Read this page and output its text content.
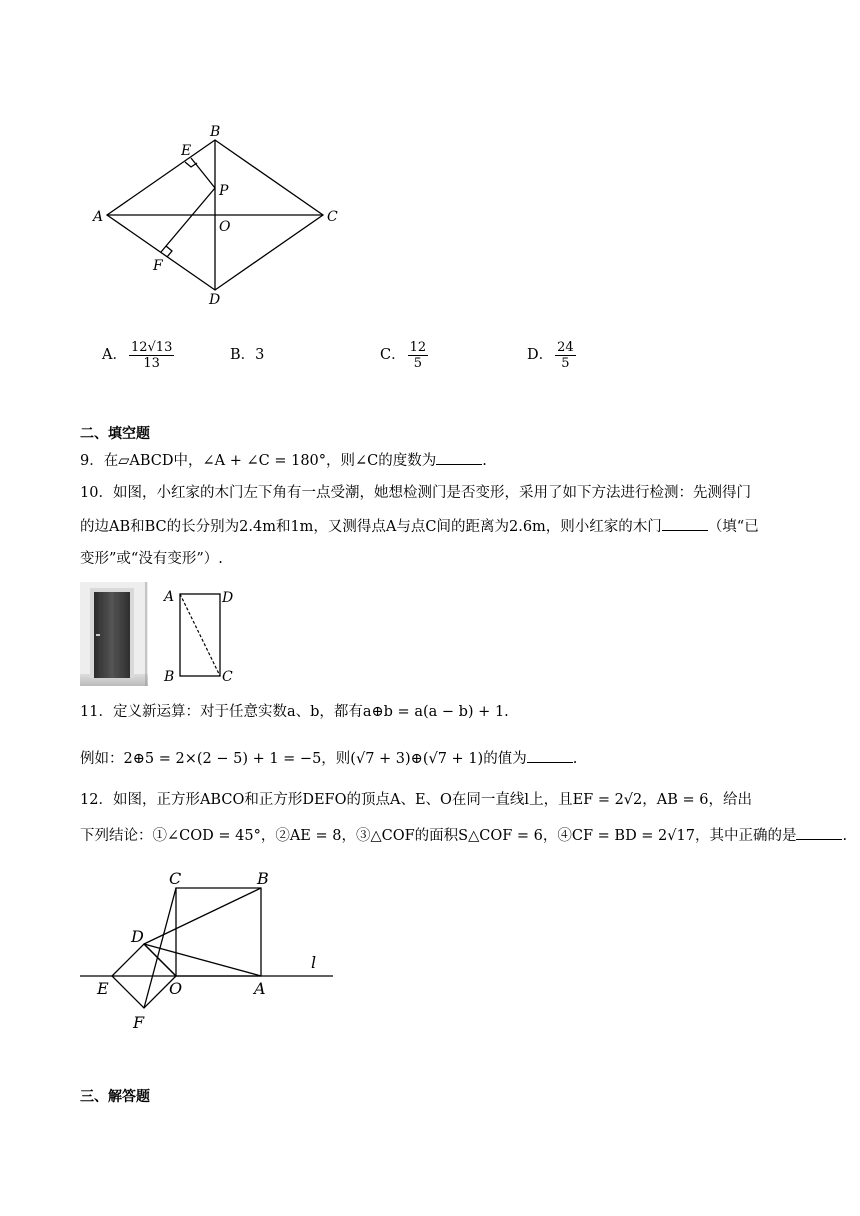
B
E
P
A
O
C
F
D
A． $\frac{12√13}{13}$	B．3	C． $\frac{12}{5}$	D． $\frac{24}{5}$
二、填空题
9．在▱ABCD中，∠A + ∠C = 180°，则∠C的度数为	.
10．如图，小红家的木门左下角有一点受潮，她想检测门是否变形，采用了如下方法进行检测：先测得门
的边AB和BC的长分别为2.4m和1m，又测得点A与点C间的距离为2.6m，则小红家的木门	（填“已
变形”或“没有变形”）.
A	D
B	C
11．定义新运算：对于任意实数a、b，都有a⊕b = a(a − b) + 1.
例如：2⊕5 = 2×(2 − 5) + 1 = −5，则(√7 + 3)⊕(√7 + 1)的值为	.
12．如图，正方形ABCO和正方形DEFO的顶点A、E、O在同一直线l上，且EF = 2√2，AB = 6，给出
下列结论：①∠COD = 45°，②AE = 8，③△COF的面积S△COF = 6，④CF = BD = 2√17，其中正确的是	.
C	B
D
l
E	O	A
F
三、解答题
